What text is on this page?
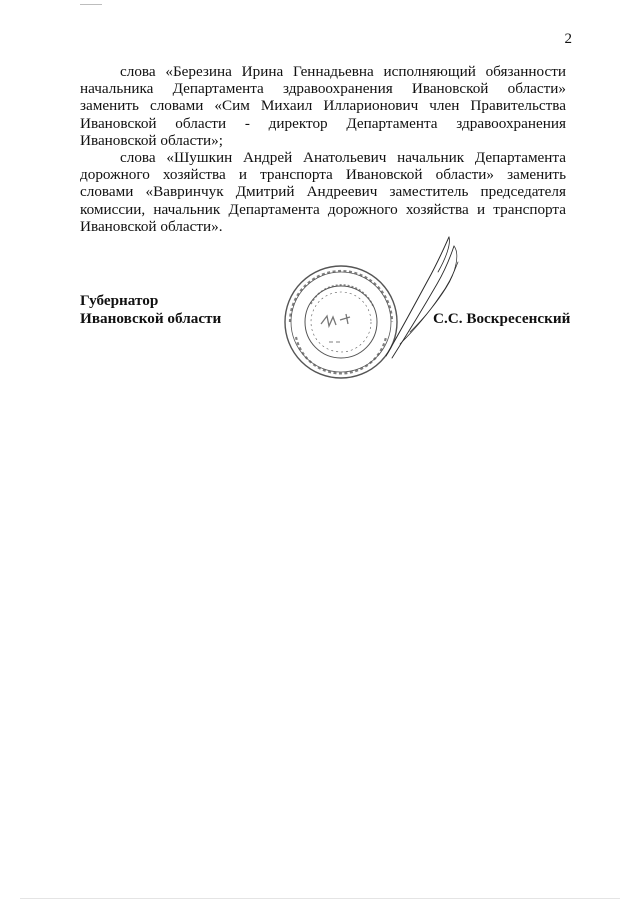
2

слова «Березина Ирина Геннадьевна исполняющий обязанности начальника Департамента здравоохранения Ивановской области» заменить словами «Сим Михаил Илларионович член Правительства Ивановской области - директор Департамента здравоохранения Ивановской области»;

слова «Шушкин Андрей Анатольевич начальник Департамента дорожного хозяйства и транспорта Ивановской области» заменить словами «Вавринчук Дмитрий Андреевич заместитель председателя комиссии, начальник Департамента дорожного хозяйства и транспорта Ивановской области».

Губернатор
Ивановской области	С.С. Воскресенский
